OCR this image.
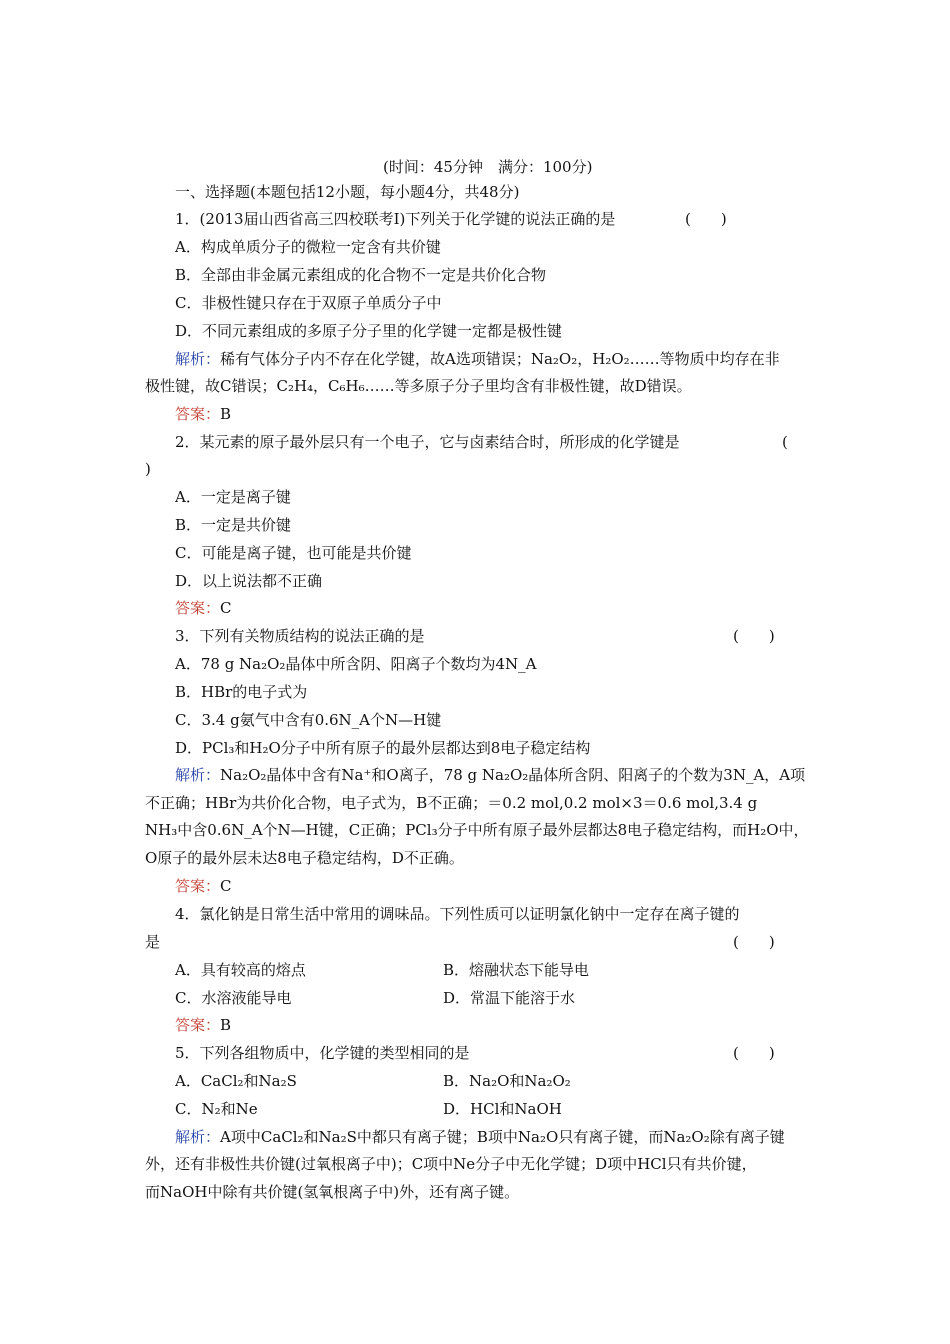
(时间：45分钟　满分：100分)
一、选择题(本题包括12小题，每小题4分，共48分)
1．(2013届山西省高三四校联考Ⅰ)下列关于化学键的说法正确的是	(　　)
A．构成单质分子的微粒一定含有共价键
B．全部由非金属元素组成的化合物不一定是共价化合物
C．非极性键只存在于双原子单质分子中
D．不同元素组成的多原子分子里的化学键一定都是极性键
解析：稀有气体分子内不存在化学键，故A选项错误；Na₂O₂，H₂O₂……等物质中均存在非
极性键，故C错误；C₂H₄，C₆H₆……等多原子分子里均含有非极性键，故D错误。
答案：B
2．某元素的原子最外层只有一个电子，它与卤素结合时，所形成的化学键是	(
)
A．一定是离子键
B．一定是共价键
C．可能是离子键，也可能是共价键
D．以上说法都不正确
答案：C
3．下列有关物质结构的说法正确的是	(　　)
A．78 g Na₂O₂晶体中所含阴、阳离子个数均为4N_A
B．HBr的电子式为
C．3.4 g氨气中含有0.6N_A个N—H键
D．PCl₃和H₂O分子中所有原子的最外层都达到8电子稳定结构
解析：Na₂O₂晶体中含有Na⁺和O离子，78 g Na₂O₂晶体所含阴、阳离子的个数为3N_A，A项
不正确；HBr为共价化合物，电子式为，B不正确；＝0.2 mol,0.2 mol×3＝0.6 mol,3.4 g
NH₃中含0.6N_A个N—H键，C正确；PCl₃分子中所有原子最外层都达8电子稳定结构，而H₂O中，
O原子的最外层未达8电子稳定结构，D不正确。
答案：C
4．氯化钠是日常生活中常用的调味品。下列性质可以证明氯化钠中一定存在离子键的
是	(　　)
A．具有较高的熔点	B．熔融状态下能导电
C．水溶液能导电	D．常温下能溶于水
答案：B
5．下列各组物质中，化学键的类型相同的是	(　　)
A．CaCl₂和Na₂S	B．Na₂O和Na₂O₂
C．N₂和Ne	D．HCl和NaOH
解析：A项中CaCl₂和Na₂S中都只有离子键；B项中Na₂O只有离子键，而Na₂O₂除有离子键
外，还有非极性共价键(过氧根离子中)；C项中Ne分子中无化学键；D项中HCl只有共价键，
而NaOH中除有共价键(氢氧根离子中)外，还有离子键。
